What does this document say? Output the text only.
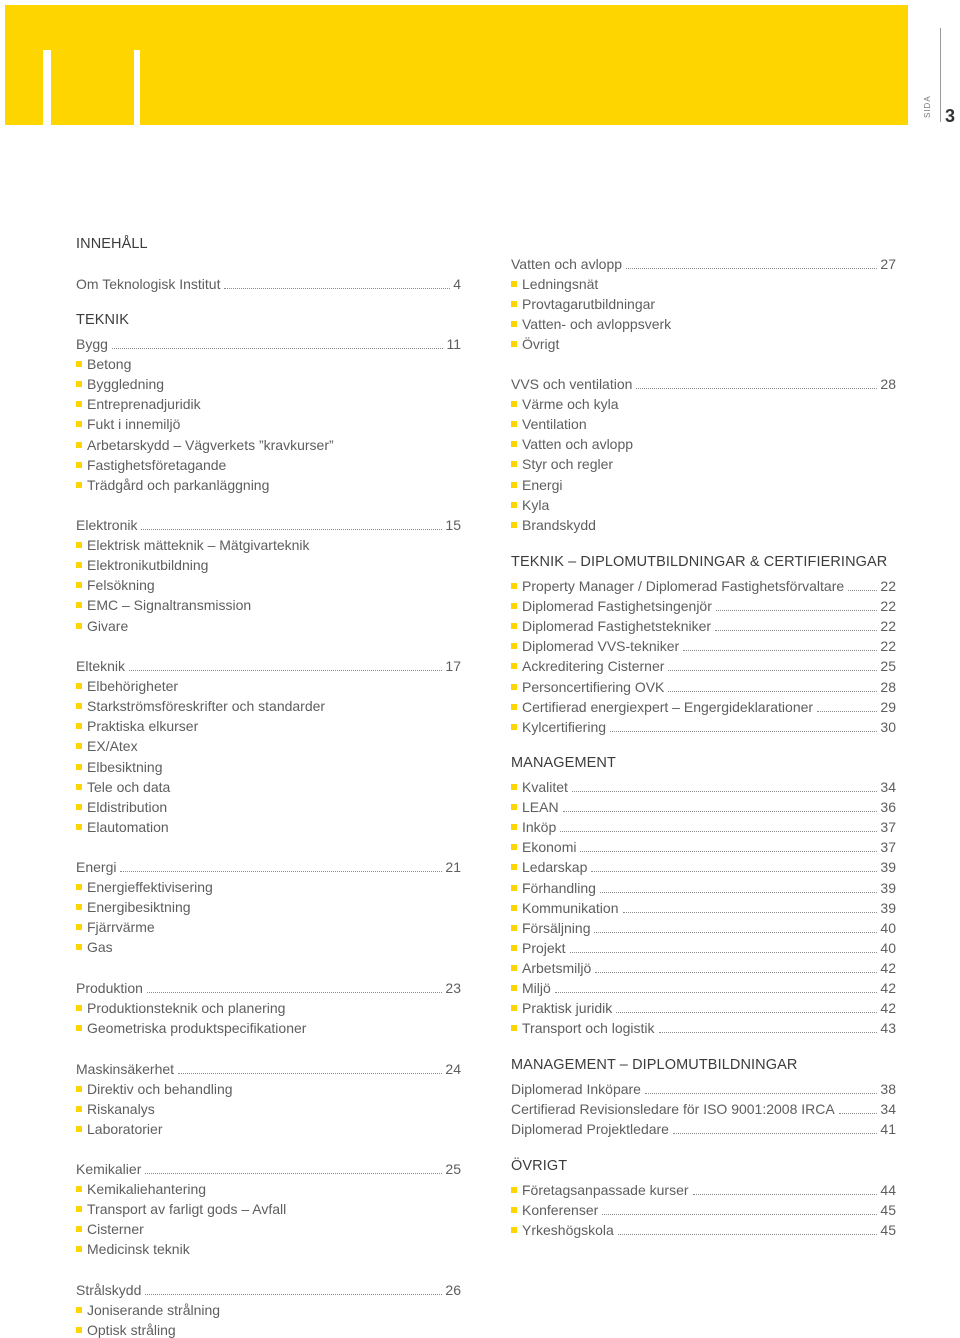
SIDA 3
INNEHÅLL
Om Teknologisk Institut	4
TEKNIK
Bygg	11
Betong
Byggledning
Entreprenadjuridik
Fukt i innemiljö
Arbetarskydd – Vägverkets ”kravkurser”
Fastighetsföretagande
Trädgård och parkanläggning
Elektronik	15
Elektrisk mätteknik – Mätgivarteknik
Elektronikutbildning
Felsökning
EMC – Signaltransmission
Givare
Elteknik	17
Elbehörigheter
Starkströmsföreskrifter och standarder
Praktiska elkurser
EX/Atex
Elbesiktning
Tele och data
Eldistribution
Elautomation
Energi	21
Energieffektivisering
Energibesiktning
Fjärrvärme
Gas
Produktion	23
Produktionsteknik och planering
Geometriska produktspecifikationer
Maskinsäkerhet	24
Direktiv och behandling
Riskanalys
Laboratorier
Kemikalier	25
Kemikaliehantering
Transport av farligt gods – Avfall
Cisterner
Medicinsk teknik
Strålskydd	26
Joniserande strålning
Optisk stråling
Vatten och avlopp	27
Ledningsnät
Provtagarutbildningar
Vatten- och avloppsverk
Övrigt
VVS och ventilation	28
Värme och kyla
Ventilation
Vatten och avlopp
Styr och regler
Energi
Kyla
Brandskydd
TEKNIK – DIPLOMUTBILDNINGAR & CERTIFIERINGAR
Property Manager / Diplomerad Fastighetsförvaltare	22
Diplomerad Fastighetsingenjör	22
Diplomerad Fastighetstekniker	22
Diplomerad VVS-tekniker	22
Ackreditering Cisterner	25
Personcertifiering OVK	28
Certifierad energiexpert – Engergideklarationer	29
Kylcertifiering	30
MANAGEMENT
Kvalitet	34
LEAN	36
Inköp	37
Ekonomi	37
Ledarskap	39
Förhandling	39
Kommunikation	39
Försäljning	40
Projekt	40
Arbetsmiljö	42
Miljö	42
Praktisk juridik	42
Transport och logistik	43
MANAGEMENT – DIPLOMUTBILDNINGAR
Diplomerad Inköpare	38
Certifierad Revisionsledare för ISO 9001:2008 IRCA	34
Diplomerad Projektledare	41
ÖVRIGT
Företagsanpassade kurser	44
Konferenser	45
Yrkeshögskola	45
